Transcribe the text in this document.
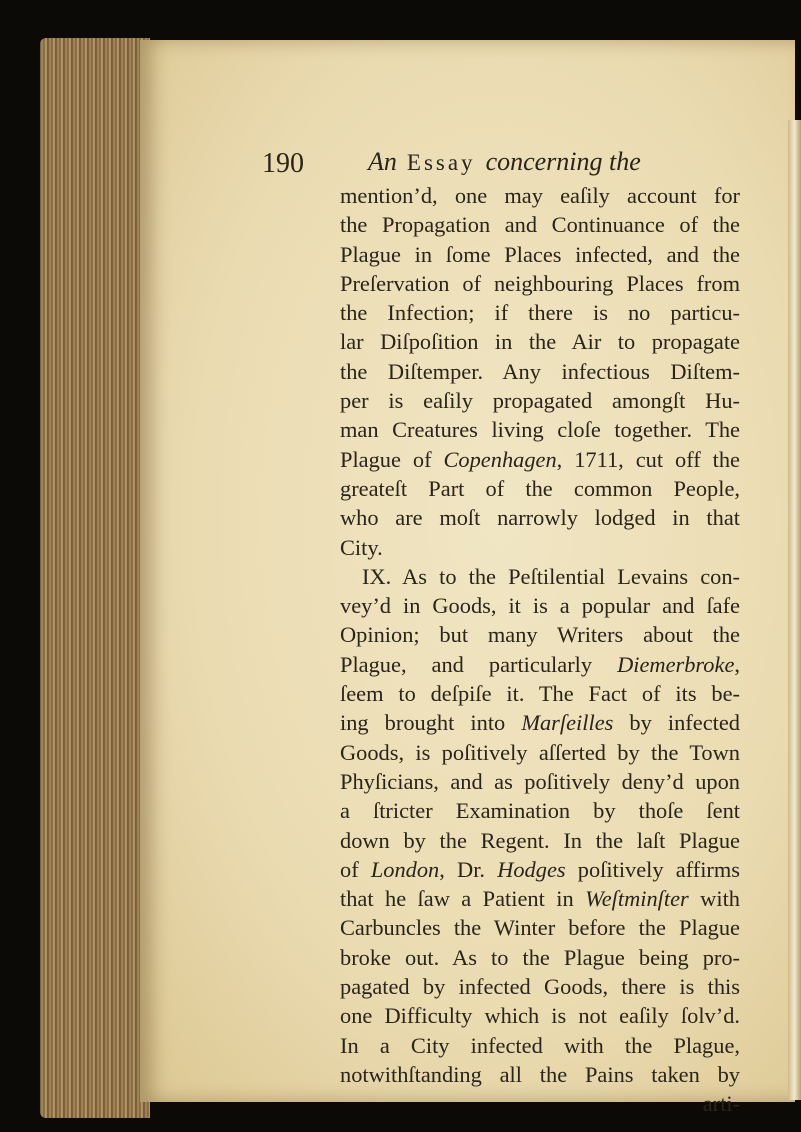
190 An Essay concerning the
mention’d, one may eaſily account for
the Propagation and Continuance of the
Plague in ſome Places infected, and the
Preſervation of neighbouring Places from
the Infection; if there is no particu-
lar Diſpoſition in the Air to propagate
the Diſtemper. Any infectious Diſtem-
per is eaſily propagated amongſt Hu-
man Creatures living cloſe together. The
Plague of Copenhagen, 1711, cut off the
greateſt Part of the common People,
who are moſt narrowly lodged in that
City.
IX. As to the Peſtilential Levains con-
vey’d in Goods, it is a popular and ſafe
Opinion; but many Writers about the
Plague, and particularly Diemerbroke,
ſeem to deſpiſe it. The Fact of its be-
ing brought into Marſeilles by infected
Goods, is poſitively aſſerted by the Town
Phyſicians, and as poſitively deny’d upon
a ſtricter Examination by thoſe ſent
down by the Regent. In the laſt Plague
of London, Dr. Hodges poſitively affirms
that he ſaw a Patient in Weſtminſter with
Carbuncles the Winter before the Plague
broke out. As to the Plague being pro-
pagated by infected Goods, there is this
one Difficulty which is not eaſily ſolv’d.
In a City infected with the Plague,
notwithſtanding all the Pains taken by
arti-
